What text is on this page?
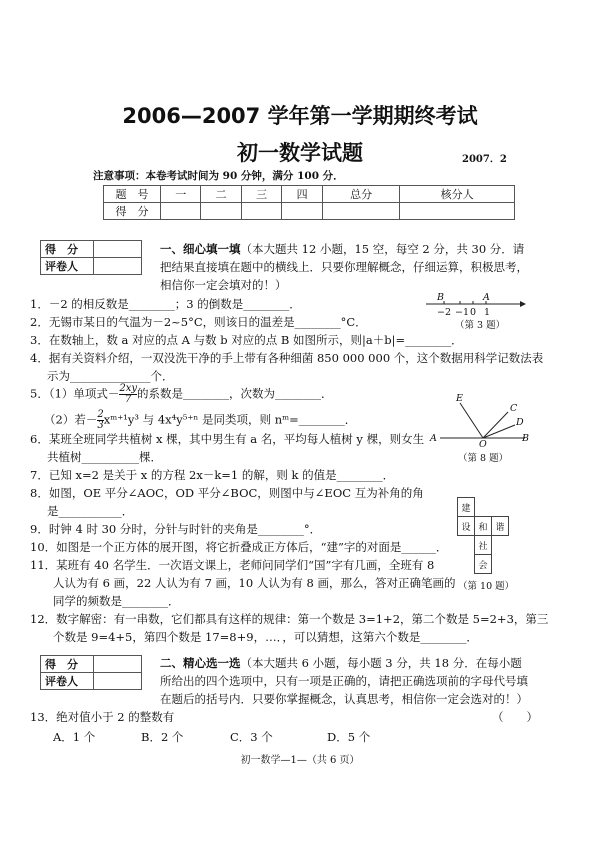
2006—2007 学年第一学期期终考试
初一数学试题	2007．2
注意事项：本卷考试时间为 90 分钟，满分 100 分．
题　号	一	二	三	四	总分	核分人
得　分						
得　分	
评卷人	
一、细心填一填（本大题共 12 小题，15 空，每空 2 分，共 30 分．请把结果直接填在题中的横线上．只要你理解概念，仔细运算，积极思考，相信你一定会填对的！）
1．－2 的相反数是________；3 的倒数是________．
2．无锡市某日的气温为－2~5°C，则该日的温差是________°C．
3．在数轴上，数 a 对应的点 A 与数 b 对应的点 B 如图所示，则|a＋b|=________．
4．据有关资料介绍，一双没洗干净的手上带有各种细菌 850 000 000 个，这个数据用科学记数法表
示为______________个．
5．（1）单项式－ $\frac{2xy}{7}$ 的系数是________，次数为________．
（2）若－ $\frac{2}{3}$ xᵐ⁺¹y³ 与 4x⁴y⁵⁺ⁿ 是同类项，则 nᵐ=________．
6．某班全班同学共植树 x 棵，其中男生有 a 名，平均每人植树 y 棵，则女生
共植树__________棵．
7．已知 x=2 是关于 x 的方程 2x－k=1 的解，则 k 的值是________．
8．如图，OE 平分∠AOC，OD 平分∠BOC，则图中与∠EOC 互为补角的角
是___________．
9．时钟 4 时 30 分时，分针与时针的夹角是________°．
10．如图是一个正方体的展开图，将它折叠成正方体后，“建”字的对面是______．
11．某班有 40 名学生．一次语文课上，老师问同学们“国”字有几画，全班有 8
人认为有 6 画，22 人认为有 7 画，10 人认为有 8 画，那么，答对正确笔画的
同学的频数是________．
12．数字解密：有一串数，它们都具有这样的规律：第一个数是 3=1+2，第二个数是 5=2+3，第三
个数是 9=4+5，第四个数是 17=8+9，…．，可以猜想，这第六个数是________．
B	A
−2 −1 0 1
（第 3 题）
E
C
D
A
O
B
（第 8 题）
建		
设	和	谐
	社	
	会	
（第 10 题）
得　分	
评卷人	
二、精心选一选（本大题共 6 小题，每小题 3 分，共 18 分．在每小题所给出的四个选项中，只有一项是正确的，请把正确选项前的字母代号填在题后的括号内．只要你掌握概念，认真思考，相信你一定会选对的！）
13．绝对值小于 2 的整数有	（　　）
A．1 个	B．2 个	C．3 个	D．5 个
初一数学—1—（共 6 页）
